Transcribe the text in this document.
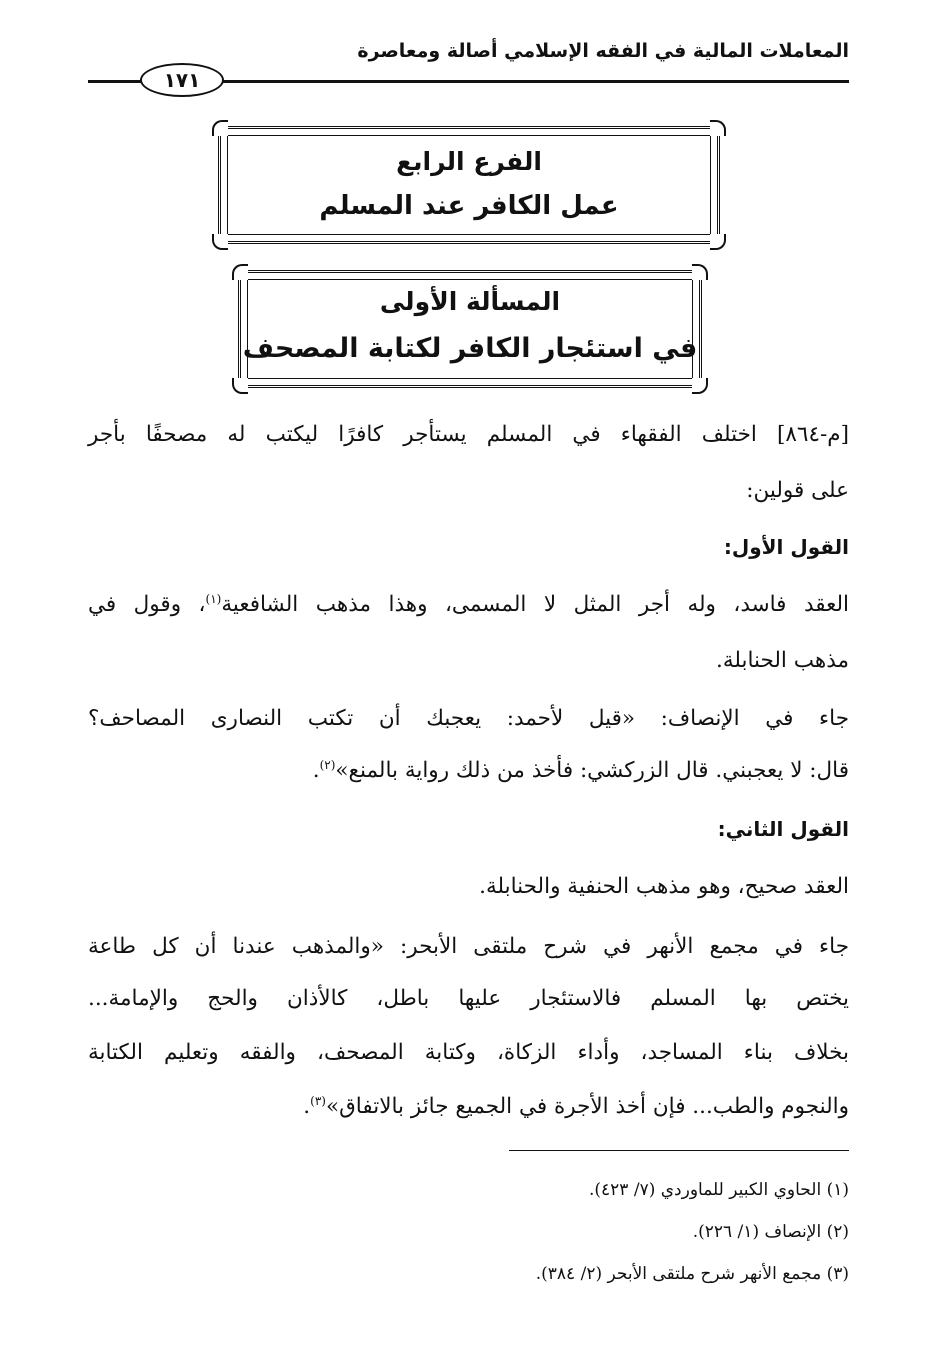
المعاملات المالية في الفقه الإسلامي أصالة ومعاصرة
١٧١
الفرع الرابع
عمل الكافر عند المسلم
المسألة الأولى
في استئجار الكافر لكتابة المصحف
[م-٨٦٤] اختلف الفقهاء في المسلم يستأجر كافرًا ليكتب له مصحفًا بأجر
على قولين:
القول الأول:
العقد فاسد، وله أجر المثل لا المسمى، وهذا مذهب الشافعية$^{(١)}$، وقول في
مذهب الحنابلة.
جاء في الإنصاف: «قيل لأحمد: يعجبك أن تكتب النصارى المصاحف؟
قال: لا يعجبني. قال الزركشي: فأخذ من ذلك رواية بالمنع»$^{(٢)}$.
القول الثاني:
العقد صحيح، وهو مذهب الحنفية والحنابلة.
جاء في مجمع الأنهر في شرح ملتقى الأبحر: «والمذهب عندنا أن كل طاعة
يختص بها المسلم فالاستئجار عليها باطل، كالأذان والحج والإمامة...
بخلاف بناء المساجد، وأداء الزكاة، وكتابة المصحف، والفقه وتعليم الكتابة
والنجوم والطب... فإن أخذ الأجرة في الجميع جائز بالاتفاق»$^{(٣)}$.
(١) الحاوي الكبير للماوردي (٧/ ٤٢٣).
(٢) الإنصاف (١/ ٢٢٦).
(٣) مجمع الأنهر شرح ملتقى الأبحر (٢/ ٣٨٤).
